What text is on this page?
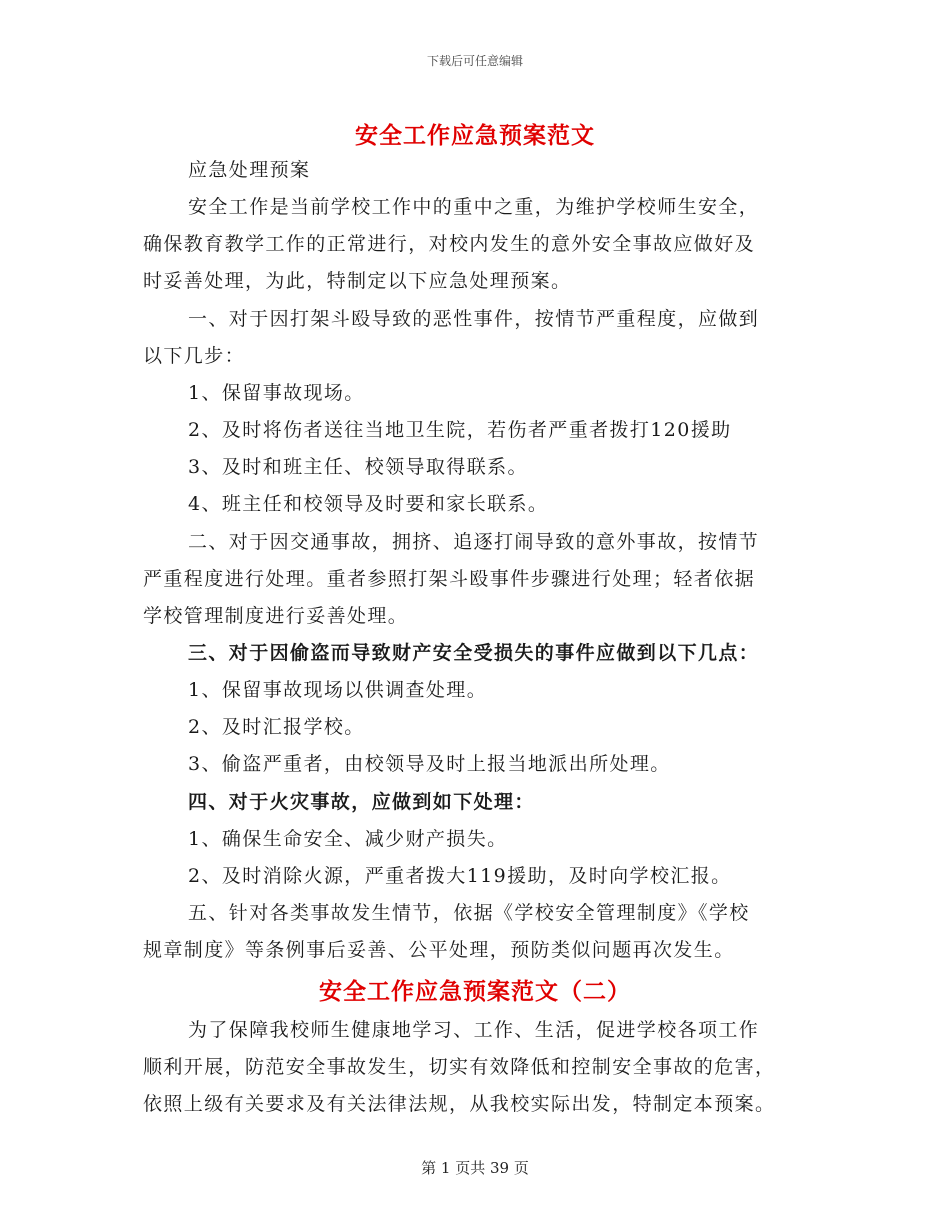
下载后可任意编辑
安全工作应急预案范文
应急处理预案
安全工作是当前学校工作中的重中之重，为维护学校师生安全，
确保教育教学工作的正常进行，对校内发生的意外安全事故应做好及
时妥善处理，为此，特制定以下应急处理预案。
一、对于因打架斗殴导致的恶性事件，按情节严重程度，应做到
以下几步：
1、保留事故现场。
2、及时将伤者送往当地卫生院，若伤者严重者拨打120援助
3、及时和班主任、校领导取得联系。
4、班主任和校领导及时要和家长联系。
二、对于因交通事故，拥挤、追逐打闹导致的意外事故，按情节
严重程度进行处理。重者参照打架斗殴事件步骤进行处理；轻者依据
学校管理制度进行妥善处理。
三、对于因偷盗而导致财产安全受损失的事件应做到以下几点：
1、保留事故现场以供调查处理。
2、及时汇报学校。
3、偷盗严重者，由校领导及时上报当地派出所处理。
四、对于火灾事故，应做到如下处理：
1、确保生命安全、减少财产损失。
2、及时消除火源，严重者拨大119援助，及时向学校汇报。
五、针对各类事故发生情节，依据《学校安全管理制度》《学校
规章制度》等条例事后妥善、公平处理，预防类似问题再次发生。
安全工作应急预案范文（二）
为了保障我校师生健康地学习、工作、生活，促进学校各项工作
顺利开展，防范安全事故发生，切实有效降低和控制安全事故的危害，
依照上级有关要求及有关法律法规，从我校实际出发，特制定本预案。
第 1 页共 39 页
